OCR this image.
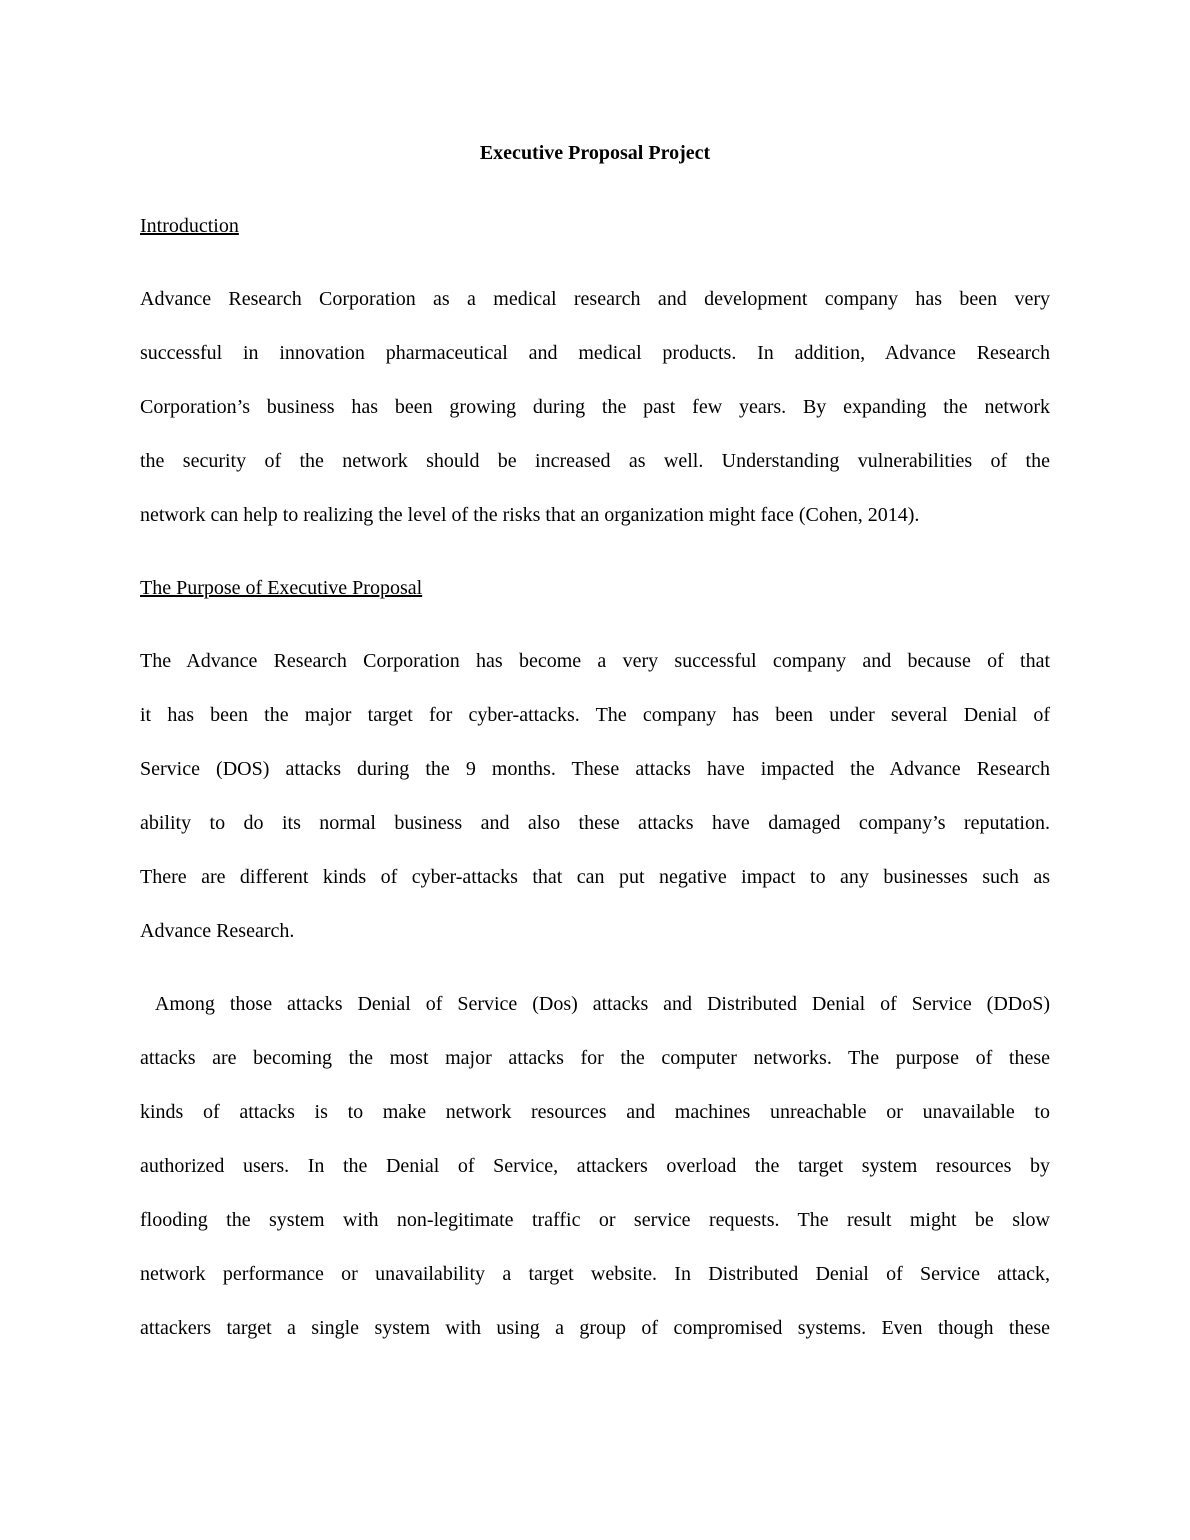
Executive Proposal Project
Introduction
Advance Research Corporation as a medical research and development company has been very
successful in innovation pharmaceutical and medical products. In addition, Advance Research
Corporation’s business has been growing during the past few years. By expanding the network
the security of the network should be increased as well. Understanding vulnerabilities of the
network can help to realizing the level of the risks that an organization might face (Cohen, 2014).
The Purpose of Executive Proposal
The Advance Research Corporation has become a very successful company and because of that
it has been the major target for cyber-attacks. The company has been under several Denial of
Service (DOS) attacks during the 9 months. These attacks have impacted the Advance Research
ability to do its normal business and also these attacks have damaged company’s reputation.
There are different kinds of cyber-attacks that can put negative impact to any businesses such as
Advance Research.
Among those attacks Denial of Service (Dos) attacks and Distributed Denial of Service (DDoS)
attacks are becoming the most major attacks for the computer networks. The purpose of these
kinds of attacks is to make network resources and machines unreachable or unavailable to
authorized users. In the Denial of Service, attackers overload the target system resources by
flooding the system with non-legitimate traffic or service requests. The result might be slow
network performance or unavailability a target website. In Distributed Denial of Service attack,
attackers target a single system with using a group of compromised systems. Even though these
